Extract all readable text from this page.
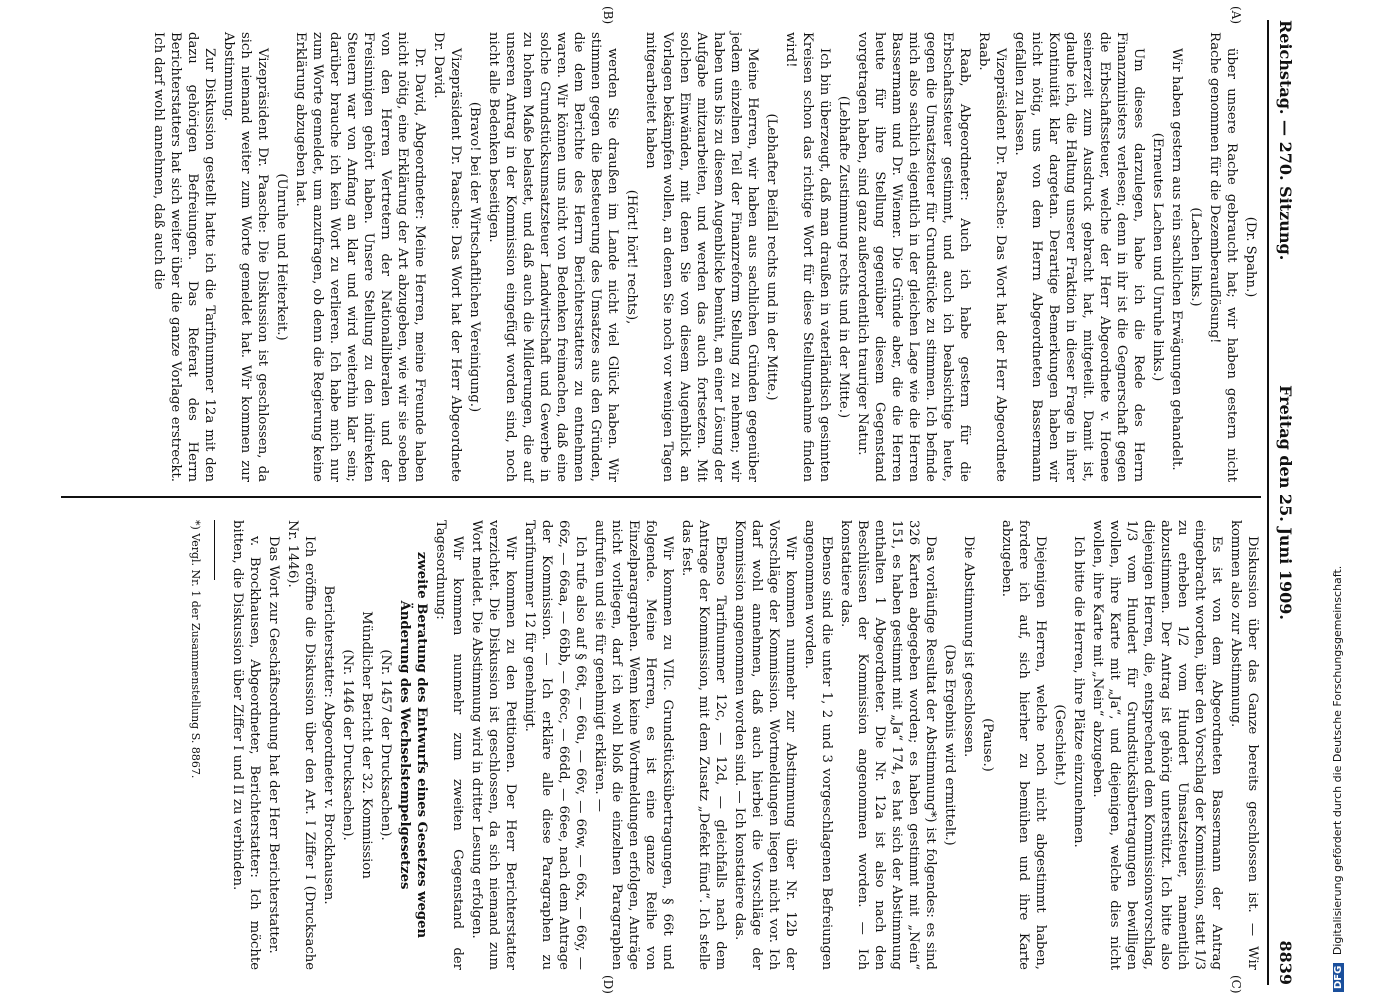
Reichstag. — 270. Sitzung.
Freitag den 25. Juni 1909.
8839
(A)
(B)
(C)
(D)

(Dr. Spahn.)

über unsere Rache gebraucht hat; wir haben gestern nicht Rache genommen für die Dezemberauflösung!

(Lachen links.)

Wir haben gestern aus rein sachlichen Erwägungen gehandelt.

(Erneutes Lachen und Unruhe links.)

Um dieses darzulegen, habe ich die Rede des Herrn Finanzministers verlesen; denn in ihr ist die Gegnerschaft gegen die Erbschaftssteuer, welche der Herr Abgeordnete v. Hoenee seinerzeit zum Ausdruck gebracht hat, mitgeteilt. Damit ist, glaube ich, die Haltung unserer Fraktion in dieser Frage in ihrer Kontinuität klar dargetan. Derartige Bemerkungen haben wir nicht nötig, uns von dem Herrn Abgeordneten Bassermann gefallen zu lassen.

Vizepräsident Dr. Paasche: Das Wort hat der Herr Abgeordnete Raab.

Raab, Abgeordneter: Auch ich habe gestern für die Erbschaftssteuer gestimmt, und auch ich beabsichtige heute, gegen die Umsatzsteuer für Grundstücke zu stimmen. Ich befinde mich also sachlich eigentlich in der gleichen Lage wie die Herren Bassermann und Dr. Wiemer. Die Gründe aber, die die Herren heute für ihre Stellung gegenüber diesem Gegenstand vorgetragen haben, sind ganz außerordentlich trauriger Natur.

(Lebhafte Zustimmung rechts und in der Mitte.)

Ich bin überzeugt, daß man draußen in vaterländisch gesinnten Kreisen schon das richtige Wort für diese Stellungnahme finden wird!

(Lebhafter Beifall rechts und in der Mitte.)

Meine Herren, wir haben aus sachlichen Gründen gegenüber jedem einzelnen Teil der Finanzreform Stellung zu nehmen; wir haben uns bis zu diesem Augenblicke bemüht, an einer Lösung der Aufgabe mitzuarbeiten, und werden das auch fortsetzen. Mit solchen Einwänden, mit denen Sie von diesem Augenblick an Vorlagen bekämpfen wollen, an denen Sie noch vor wenigen Tagen mitgearbeitet haben

(Hört! hört! rechts),

werden Sie draußen im Lande nicht viel Glück haben. Wir stimmen gegen die Besteuerung des Umsatzes aus den Gründen, die dem Berichte des Herrn Berichterstatters zu entnehmen waren. Wir können uns nicht von Bedenken freimachen, daß eine solche Grundstücksumsatzsteuer Landwirtschaft und Gewerbe in zu hohem Maße belastet, und daß auch die Milderungen, die auf unseren Antrag in der Kommission eingefügt worden sind, noch nicht alle Bedenken beseitigen.

(Bravo! bei der Wirtschaftlichen Vereinigung.)

Vizepräsident Dr. Paasche: Das Wort hat der Herr Abgeordnete Dr. David.

Dr. David, Abgeordneter: Meine Herren, meine Freunde haben nicht nötig, eine Erklärung der Art abzugeben, wie wir sie soeben von den Herren Vertretern der Nationalliberalen und der Freisinnigen gehört haben. Unsere Stellung zu den indirekten Steuern war von Anfang an klar und wird weiterhin klar sein; darüber brauche ich kein Wort zu verlieren. Ich habe mich nur zum Worte gemeldet, um anzufragen, ob denn die Regierung keine Erklärung abzugeben hat.

(Unruhe und Heiterkeit.)

Vizepräsident Dr. Paasche: Die Diskussion ist geschlossen, da sich niemand weiter zum Worte gemeldet hat. Wir kommen zur Abstimmung.

Zur Diskussion gestellt hatte ich die Tarifnummer 12a mit den dazu gehörigen Befreiungen. Das Referat des Herrn Berichterstatters hat sich weiter über die ganze Vorlage erstreckt. Ich darf wohl annehmen, daß auch die

Diskussion über das Ganze bereits geschlossen ist. — Wir kommen also zur Abstimmung.

Es ist von dem Abgeordneten Bassermann der Antrag eingebracht worden, über den Vorschlag der Kommission, statt 1/3 zu erheben 1/2 vom Hundert Umsatzsteuer, namentlich abzustimmen. Der Antrag ist gehörig unterstützt. Ich bitte also diejenigen Herren, die, entsprechend dem Kommissionsvorschlag, 1/3 vom Hundert für Grundstücksübertragungen bewilligen wollen, ihre Karte mit „Ja“, und diejenigen, welche dies nicht wollen, ihre Karte mit „Nein“ abzugeben.

Ich bitte die Herren, ihre Plätze einzunehmen.

(Geschieht.)

Diejenigen Herren, welche noch nicht abgestimmt haben, fordere ich auf, sich hierher zu bemühen und ihre Karte abzugeben.

(Pause.)

Die Abstimmung ist geschlossen.

(Das Ergebnis wird ermittelt.)

Das vorläufige Resultat der Abstimmung*) ist folgendes: es sind 326 Karten abgegeben worden; es haben gestimmt mit „Nein“ 151, es haben gestimmt mit „Ja“ 174, es hat sich der Abstimmung enthalten 1 Abgeordneter. Die Nr. 12a ist also nach den Beschlüssen der Kommission angenommen worden. — Ich konstatiere das.

Ebenso sind die unter 1, 2 und 3 vorgeschlagenen Befreiungen angenommen worden.

Wir kommen nunmehr zur Abstimmung über Nr. 12b der Vorschläge der Kommission. Wortmeldungen liegen nicht vor. Ich darf wohl annehmen, daß auch hierbei die Vorschläge der Kommission angenommen worden sind. — Ich konstatiere das.

Ebenso Tarifnummer 12c, — 12d, — gleichfalls nach dem Antrage der Kommission, mit dem Zusatz „Defekt fünd“. Ich stelle das fest.

Wir kommen zu VIIc. Grundstücksübertragungen, § 66t und folgende. Meine Herren, es ist eine ganze Reihe von Einzelparagraphen. Wenn keine Wortmeldungen erfolgen, Anträge nicht vorliegen, darf ich wohl bloß die einzelnen Paragraphen aufrufen und sie für genehmigt erklären. —

Ich rufe also auf § 66t, — 66u, — 66v, — 66w, — 66x, — 66y, — 66z, — 66aa, — 66bb, — 66cc, — 66dd, — 66ee, nach dem Antrage der Kommission. — Ich erkläre alle diese Paragraphen zu Tarifnummer 12 für genehmigt.

Wir kommen zu den Petitionen. Der Herr Berichterstatter verzichtet. Die Diskussion ist geschlossen, da sich niemand zum Wort meldet. Die Abstimmung wird in dritter Lesung erfolgen.

Wir kommen nunmehr zum zweiten Gegenstand der Tagesordnung:

zweite Beratung des Entwurfs eines Gesetzes wegen Änderung des Wechselstempelgesetzes

(Nr. 1457 der Drucksachen).

Mündlicher Bericht der 32. Kommission

(Nr. 1446 der Drucksachen).

Berichterstatter: Abgeordneter v. Brockhausen.

Ich eröffne die Diskussion über den Art. I Ziffer I (Drucksache Nr. 1446).

Das Wort zur Geschäftsordnung hat der Herr Berichterstatter.

v. Brockhausen, Abgeordneter, Berichterstatter: Ich möchte bitten, die Diskussion über Ziffer I und II zu verbinden.

*) Vergl. Nr. 1 der Zusammenstellung S. 8867.

DFG Digitalisierung gefördert durch die Deutsche Forschungsgemeinschaft.
